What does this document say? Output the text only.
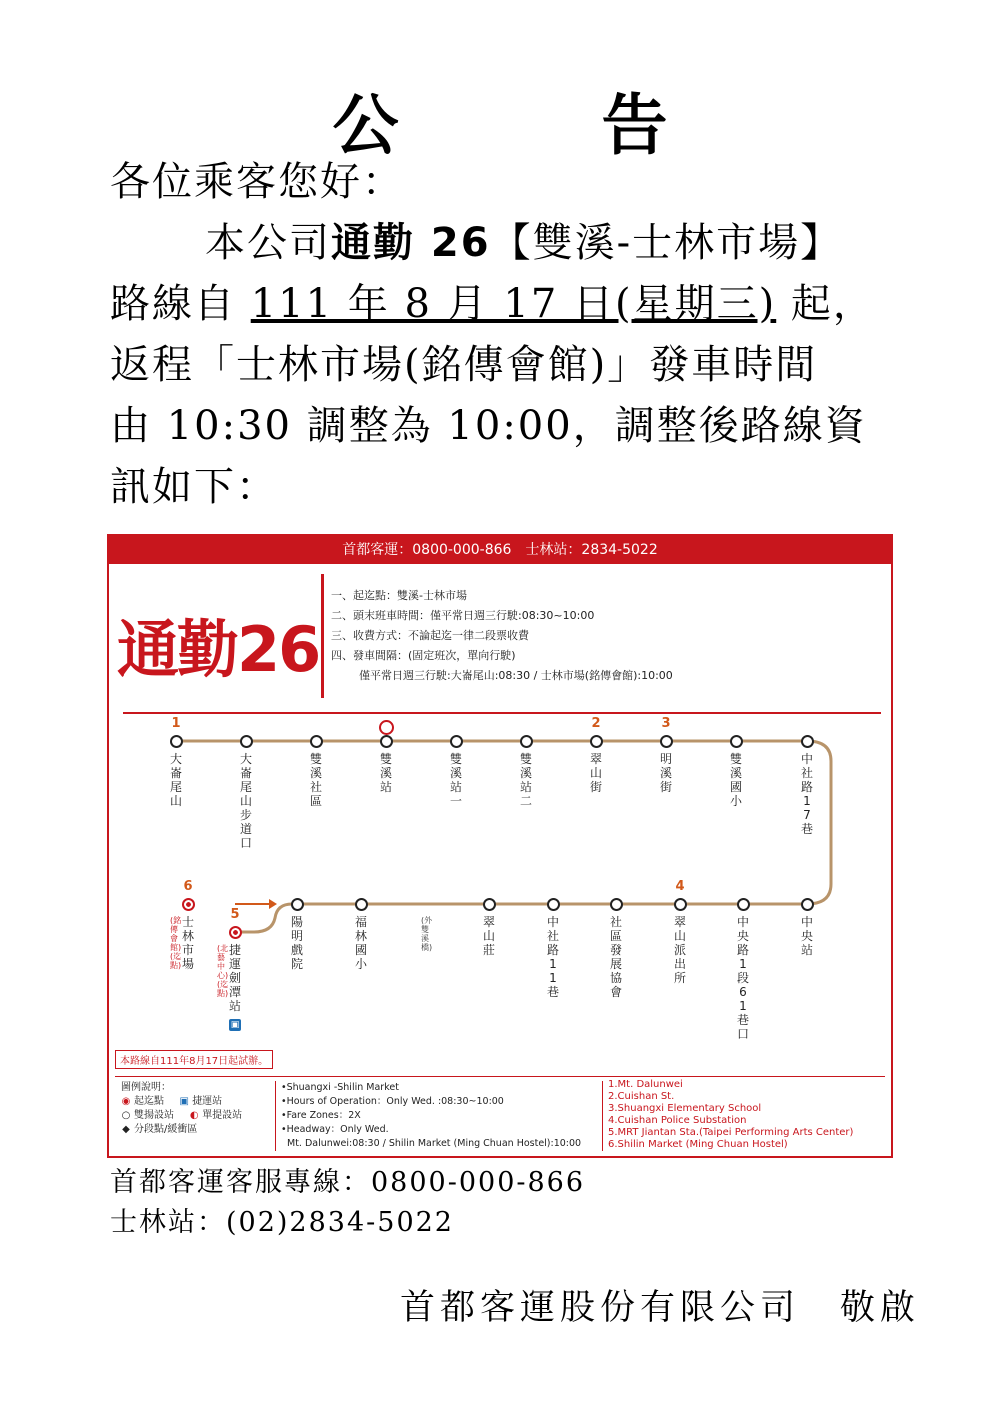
公 告
各位乘客您好：
本公司通勤 26【雙溪-士林市場】
路線自 111 年 8 月 17 日(星期三) 起，
返程「士林市場(銘傳會館)」發車時間
由 10:30 調整為 10:00，調整後路線資
訊如下：
首都客運：0800-000-866　士林站：2834-5022
通勤26
一、起迄點：雙溪-士林市場
二、頭末班車時間：僅平常日週三行駛:08:30~10:00
三、收費方式：不論起迄一律二段票收費
四、發車間隔：(固定班次，單向行駛)
僅平常日週三行駛:大崙尾山:08:30 / 士林市場(銘傳會館):10:00
1
大崙尾山
大崙尾山步道口
雙溪社區
雙溪站
雙溪站一
雙溪站二
2
翠山街
3
明溪街
雙溪國小
中社路17巷
6
士林市場
(銘傳會館)(迄點)
5
捷運劍潭站
(北藝中心)(迄點)
▣
陽明戲院
福林國小
(外雙溪橋)
翠山莊
中社路11巷
社區發展協會
4
翠山派出所
中央路1段61巷口
中央站
本路線自111年8月17日起試辦。
圖例說明：
◉ 起迄點 ▣ 捷運站
○ 雙揚設站 ◐ 單提設站
◆ 分段點/緩衝區
•Shuangxi -Shilin Market
•Hours of Operation：Only Wed. :08:30~10:00
•Fare Zones：2X
•Headway：Only Wed.
Mt. Dalunwei:08:30 / Shilin Market (Ming Chuan Hostel):10:00
1.Mt. Dalunwei
2.Cuishan St.
3.Shuangxi Elementary School
4.Cuishan Police Substation
5.MRT Jiantan Sta.(Taipei Performing Arts Center)
6.Shilin Market (Ming Chuan Hostel)
首都客運客服專線：0800-000-866
士林站：(02)2834-5022
首都客運股份有限公司 敬啟
